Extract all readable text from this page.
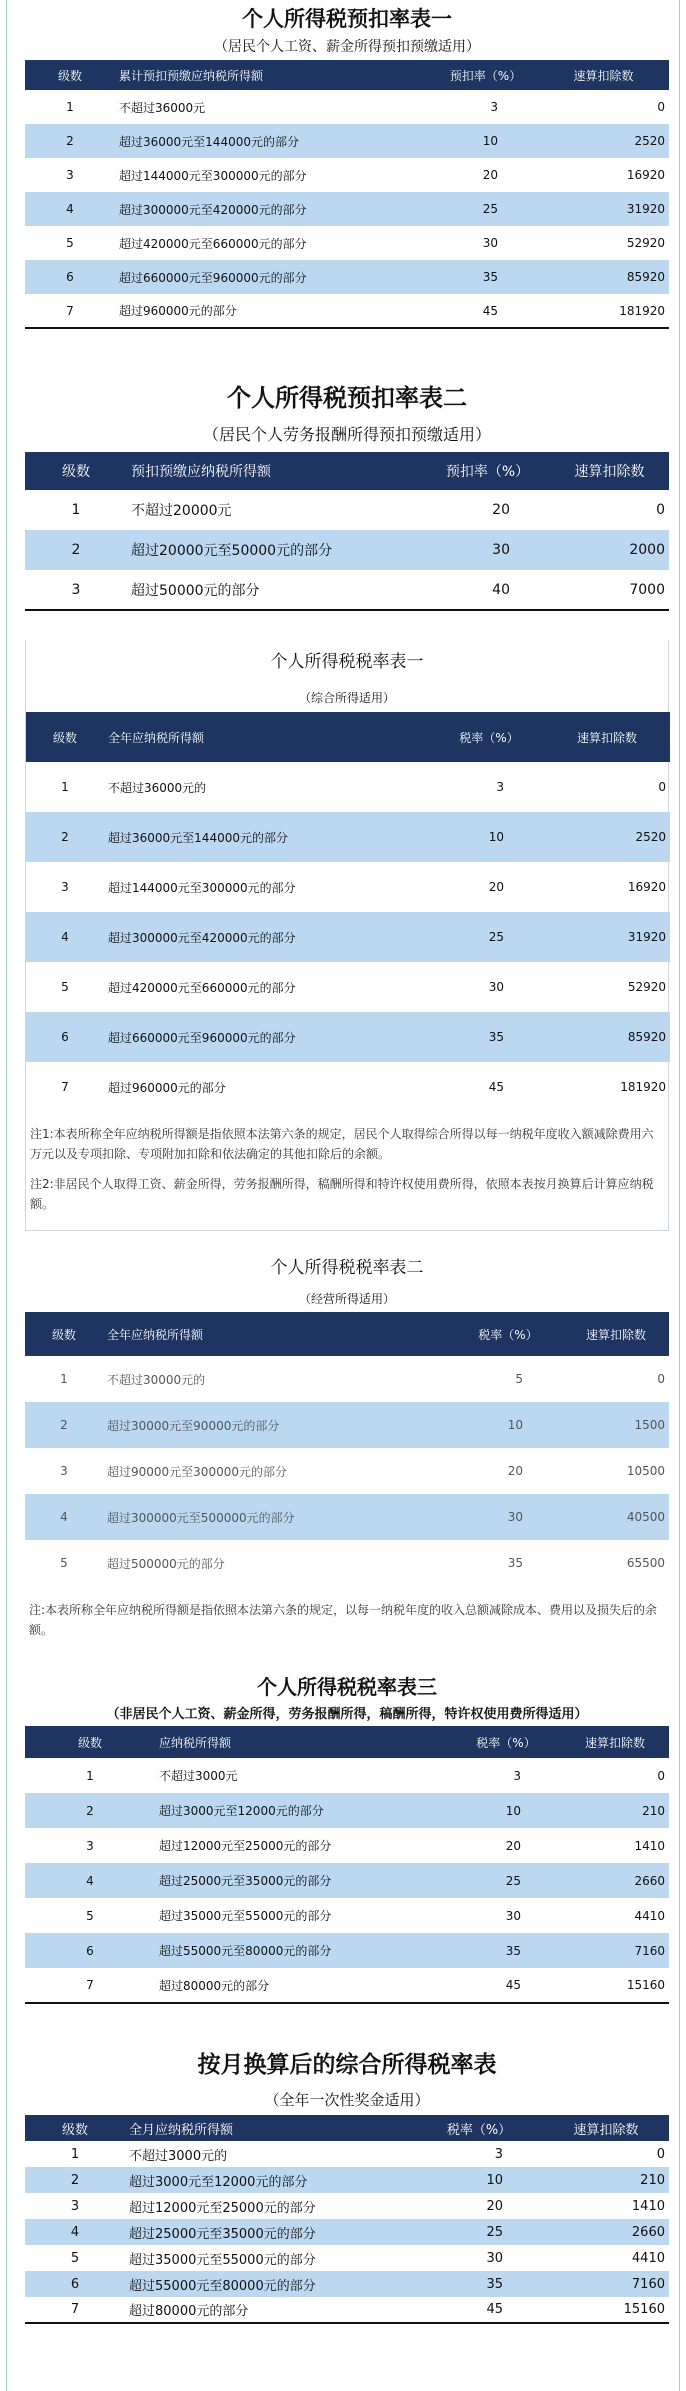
个人所得税预扣率表一
（居民个人工资、薪金所得预扣预缴适用）
级数	累计预扣预缴应纳税所得额	预扣率（%）	速算扣除数
1	不超过36000元	3	0
2	超过36000元至144000元的部分	10	2520
3	超过144000元至300000元的部分	20	16920
4	超过300000元至420000元的部分	25	31920
5	超过420000元至660000元的部分	30	52920
6	超过660000元至960000元的部分	35	85920
7	超过960000元的部分	45	181920
个人所得税预扣率表二
（居民个人劳务报酬所得预扣预缴适用）
级数	预扣预缴应纳税所得额	预扣率（%）	速算扣除数
1	不超过20000元	20	0
2	超过20000元至50000元的部分	30	2000
3	超过50000元的部分	40	7000
个人所得税税率表一
（综合所得适用）
级数	全年应纳税所得额	税率（%）	速算扣除数
1	不超过36000元的	3	0
2	超过36000元至144000元的部分	10	2520
3	超过144000元至300000元的部分	20	16920
4	超过300000元至420000元的部分	25	31920
5	超过420000元至660000元的部分	30	52920
6	超过660000元至960000元的部分	35	85920
7	超过960000元的部分	45	181920

注1:本表所称全年应纳税所得额是指依照本法第六条的规定，居民个人取得综合所得以每一纳税年度收入额减除费用六万元以及专项扣除、专项附加扣除和依法确定的其他扣除后的余额。

注2:非居民个人取得工资、薪金所得，劳务报酬所得，稿酬所得和特许权使用费所得，依照本表按月换算后计算应纳税额。

个人所得税税率表二
（经营所得适用）
级数	全年应纳税所得额	税率（%）	速算扣除数
1	不超过30000元的	5	0
2	超过30000元至90000元的部分	10	1500
3	超过90000元至300000元的部分	20	10500
4	超过300000元至500000元的部分	30	40500
5	超过500000元的部分	35	65500

注:本表所称全年应纳税所得额是指依照本法第六条的规定，以每一纳税年度的收入总额减除成本、费用以及损失后的余额。

个人所得税税率表三
（非居民个人工资、薪金所得，劳务报酬所得，稿酬所得，特许权使用费所得适用）
级数	应纳税所得额	税率（%）	速算扣除数
1	不超过3000元	3	0
2	超过3000元至12000元的部分	10	210
3	超过12000元至25000元的部分	20	1410
4	超过25000元至35000元的部分	25	2660
5	超过35000元至55000元的部分	30	4410
6	超过55000元至80000元的部分	35	7160
7	超过80000元的部分	45	15160
按月换算后的综合所得税率表
（全年一次性奖金适用）
级数	全月应纳税所得额	税率（%）	速算扣除数
1	不超过3000元的	3	0
2	超过3000元至12000元的部分	10	210
3	超过12000元至25000元的部分	20	1410
4	超过25000元至35000元的部分	25	2660
5	超过35000元至55000元的部分	30	4410
6	超过55000元至80000元的部分	35	7160
7	超过80000元的部分	45	15160
